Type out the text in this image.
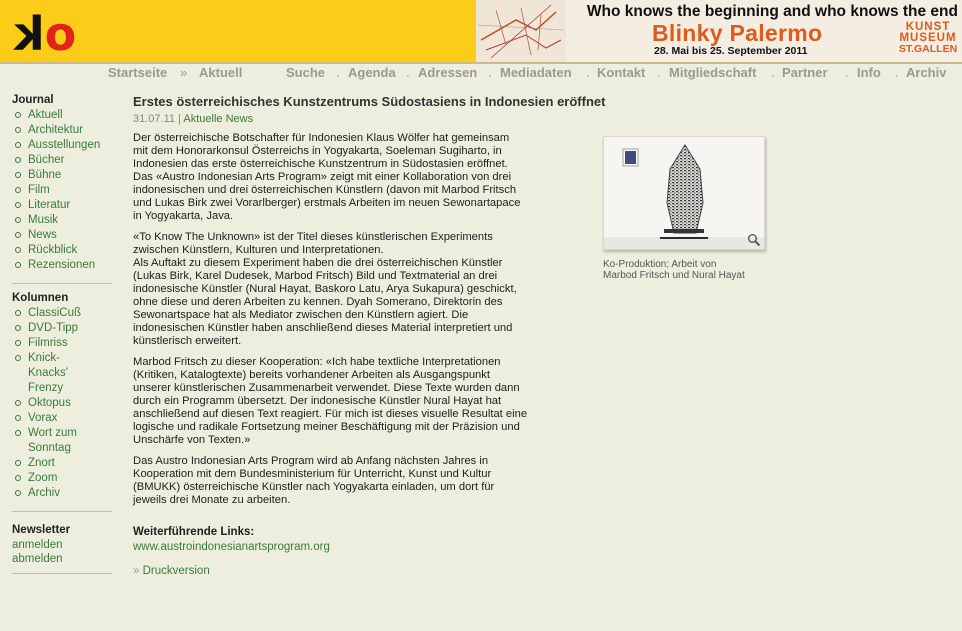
ko	Who knows the beginning and who knows the end
Blinky Palermo
28. Mai bis 25. September 2011
KUNST
MUSEUM
ST.GALLEN
Startseite » Aktuell	Suche . Agenda . Adressen . Mediadaten . Kontakt . Mitgliedschaft . Partner . Info . Archiv
Journal
Aktuell
Architektur
Ausstellungen
Bücher
Bühne
Film
Literatur
Musik
News
Rückblick
Rezensionen
Kolumnen
ClassiCuß
DVD-Tipp
Filmriss
Knick-Knacks' Frenzy
Oktopus
Vorax
Wort zum Sonntag
Znort
Zoom
Archiv
Newsletter
anmelden
abmelden
Erstes österreichisches Kunstzentrums Südostasiens in Indonesien eröffnet
31.07.11 | Aktuelle News

Der österreichische Botschafter für Indonesien Klaus Wölfer hat gemeinsam
mit dem Honorarkonsul Österreichs in Yogyakarta, Soeleman Sugiharto, in
Indonesien das erste österreichische Kunstzentrum in Südostasien eröffnet.
Das «Austro Indonesian Arts Program» zeigt mit einer Kollaboration von drei
indonesischen und drei österreichischen Künstlern (davon mit Marbod Fritsch
und Lukas Birk zwei Vorarlberger) erstmals Arbeiten im neuen Sewonartapace
in Yogyakarta, Java.

«To Know The Unknown» ist der Titel dieses künstlerischen Experiments
zwischen Künstlern, Kulturen und Interpretationen.
Als Auftakt zu diesem Experiment haben die drei österreichischen Künstler
(Lukas Birk, Karel Dudesek, Marbod Fritsch) Bild und Textmaterial an drei
indonesische Künstler (Nural Hayat, Baskoro Latu, Arya Sukapura) geschickt,
ohne diese und deren Arbeiten zu kennen. Dyah Somerano, Direktorin des
Sewonartspace hat als Mediator zwischen den Künstlern agiert. Die
indonesischen Künstler haben anschließend dieses Material interpretiert und
künstlerisch erweitert.

Marbod Fritsch zu dieser Kooperation: «Ich habe textliche Interpretationen
(Kritiken, Katalogtexte) bereits vorhandener Arbeiten als Ausgangspunkt
unserer künstlerischen Zusammenarbeit verwendet. Diese Texte wurden dann
durch ein Programm übersetzt. Der indonesische Künstler Nural Hayat hat
anschließend auf diesen Text reagiert. Für mich ist dieses visuelle Resultat eine
logische und radikale Fortsetzung meiner Beschäftigung mit der Präzision und
Unschärfe von Texten.»

Das Austro Indonesian Arts Program wird ab Anfang nächsten Jahres in
Kooperation mit dem Bundesministerium für Unterricht, Kunst und Kultur
(BMUKK) österreichische Künstler nach Yogyakarta einladen, um dort für
jeweils drei Monate zu arbeiten.

Weiterführende Links:
www.austroindonesianartsprogram.org
» Druckversion
Ko-Produktion; Arbeit von Marbod Fritsch und Nural Hayat
